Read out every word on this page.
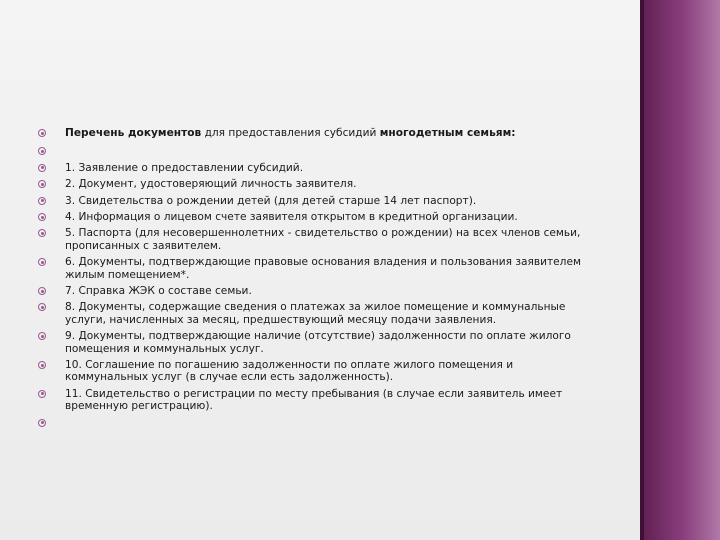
Перечень документов для предоставления субсидий многодетным семьям:
1. Заявление о предоставлении субсидий.
2. Документ, удостоверяющий личность заявителя.
3. Свидетельства о рождении детей (для детей старше 14 лет паспорт).
4. Информация о лицевом счете заявителя открытом в кредитной организации.
5. Паспорта (для несовершеннолетних - свидетельство о рождении) на всех членов семьи, прописанных с заявителем.
6. Документы, подтверждающие правовые основания владения и пользования заявителем жилым помещением*.
7. Справка ЖЭК о составе семьи.
8. Документы, содержащие сведения о платежах за жилое помещение и коммунальные услуги, начисленных за месяц, предшествующий месяцу подачи заявления.
9. Документы, подтверждающие наличие (отсутствие) задолженности по оплате жилого помещения и коммунальных услуг.
10. Соглашение по погашению задолженности по оплате жилого помещения и коммунальных услуг (в случае если есть задолженность).
11. Свидетельство о регистрации по месту пребывания (в случае если заявитель имеет временную регистрацию).
